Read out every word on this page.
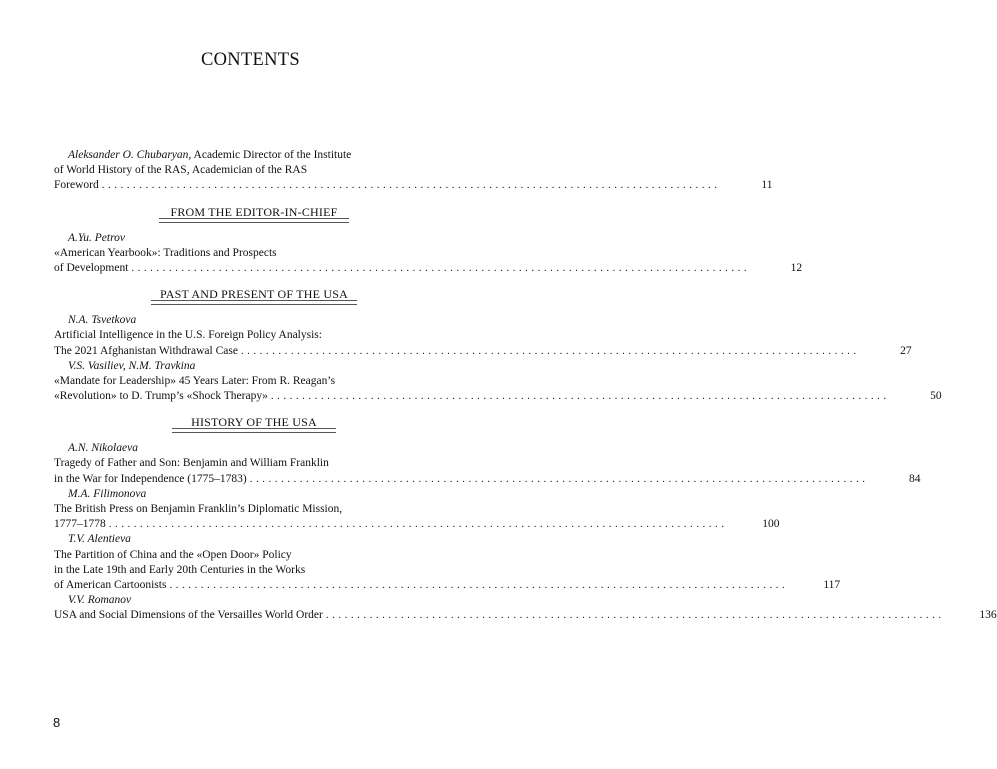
CONTENTS
Aleksander O. Chubaryan, Academic Director of the Institute
of World History of the RAS, Academician of the RAS
Foreword ...................................................................................................	11
FROM THE EDITOR-IN-CHIEF
A.Yu. Petrov
«American Yearbook»: Traditions and Prospects
of Development ...................................................................................................	12
PAST AND PRESENT OF THE USA
N.A. Tsvetkova
Artificial Intelligence in the U.S. Foreign Policy Analysis:
The 2021 Afghanistan Withdrawal Case ...................................................................................................	27
V.S. Vasiliev, N.M. Travkina
«Mandate for Leadership» 45 Years Later: From R. Reagan’s
«Revolution» to D. Trump’s «Shock Therapy» ...................................................................................................	50
HISTORY OF THE USA
A.N. Nikolaeva
Tragedy of Father and Son: Benjamin and William Franklin
in the War for Independence (1775–1783) ...................................................................................................	84
M.A. Filimonova
The British Press on Benjamin Franklin’s Diplomatic Mission,
1777–1778 ...................................................................................................	100
T.V. Alentieva
The Partition of China and the «Open Door» Policy
in the Late 19th and Early 20th Centuries in the Works
of American Cartoonists ...................................................................................................	117
V.V. Romanov
USA and Social Dimensions of the Versailles World Order ...................................................................................................	136
8
